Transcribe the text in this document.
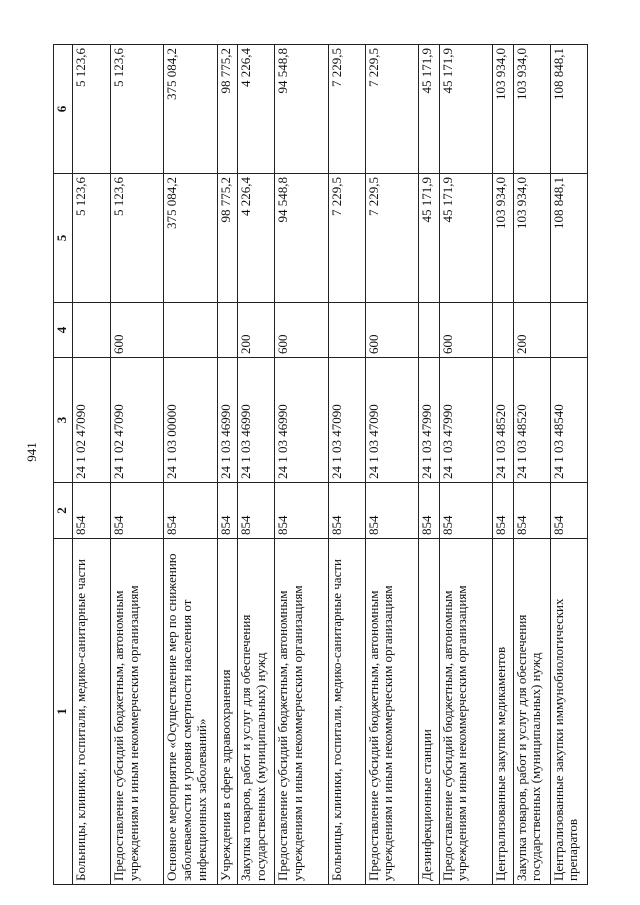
941
1	2	3	4	5	6
Больницы, клиники, госпитали, медико-санитарные части	854	24 1 02 47090		5 123,6	5 123,6
Предоставление субсидий бюджетным, автономным учреждениям и иным некоммерческим организациям	854	24 1 02 47090	600	5 123,6	5 123,6
Основное мероприятие «Осуществление мер по снижению заболеваемости и уровня смертности населения от инфекционных заболеваний»	854	24 1 03 00000		375 084,2	375 084,2
Учреждения в сфере здравоохранения	854	24 1 03 46990		98 775,2	98 775,2
Закупка товаров, работ и услуг для обеспечения государственных (муниципальных) нужд	854	24 1 03 46990	200	4 226,4	4 226,4
Предоставление субсидий бюджетным, автономным учреждениям и иным некоммерческим организациям	854	24 1 03 46990	600	94 548,8	94 548,8
Больницы, клиники, госпитали, медико-санитарные части	854	24 1 03 47090		7 229,5	7 229,5
Предоставление субсидий бюджетным, автономным учреждениям и иным некоммерческим организациям	854	24 1 03 47090	600	7 229,5	7 229,5
Дезинфекционные станции	854	24 1 03 47990		45 171,9	45 171,9
Предоставление субсидий бюджетным, автономным учреждениям и иным некоммерческим организациям	854	24 1 03 47990	600	45 171,9	45 171,9
Централизованные закупки медикаментов	854	24 1 03 48520		103 934,0	103 934,0
Закупка товаров, работ и услуг для обеспечения государственных (муниципальных) нужд	854	24 1 03 48520	200	103 934,0	103 934,0
Централизованные закупки иммунобиологических препаратов	854	24 1 03 48540		108 848,1	108 848,1
